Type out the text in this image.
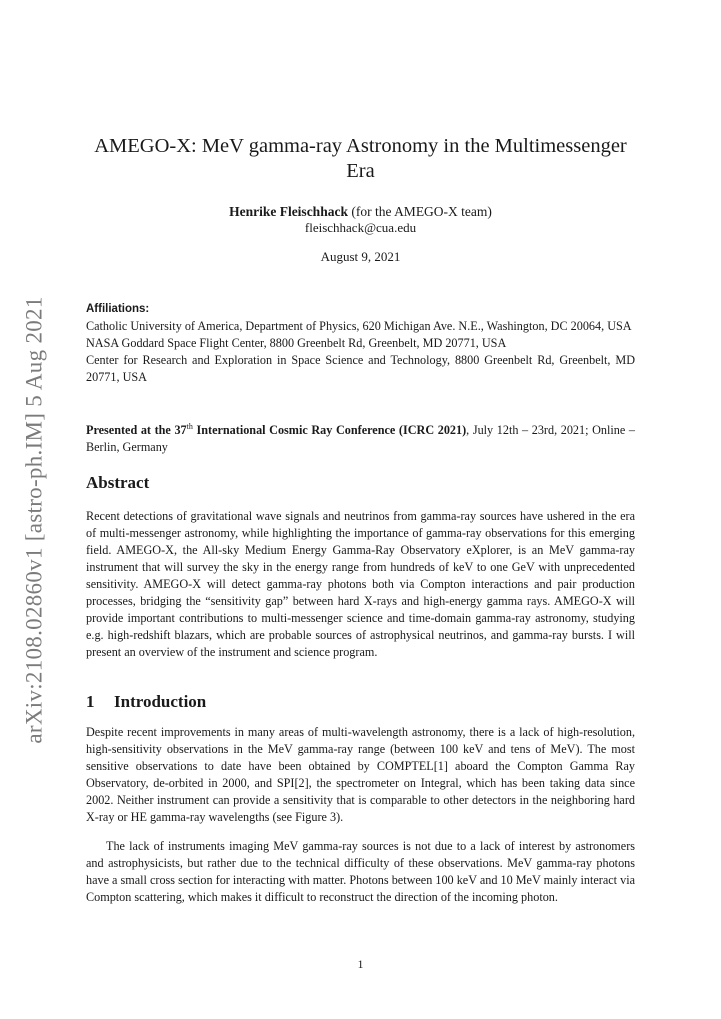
arXiv:2108.02860v1 [astro-ph.IM] 5 Aug 2021
AMEGO-X: MeV gamma-ray Astronomy in the Multimessenger Era
Henrike Fleischhack (for the AMEGO-X team)
fleischhack@cua.edu
August 9, 2021
Affiliations:
Catholic University of America, Department of Physics, 620 Michigan Ave. N.E., Washington, DC 20064, USA
NASA Goddard Space Flight Center, 8800 Greenbelt Rd, Greenbelt, MD 20771, USA
Center for Research and Exploration in Space Science and Technology, 8800 Greenbelt Rd, Greenbelt, MD 20771, USA
Presented at the 37th International Cosmic Ray Conference (ICRC 2021), July 12th – 23rd, 2021; Online – Berlin, Germany
Abstract
Recent detections of gravitational wave signals and neutrinos from gamma-ray sources have ushered in the era of multi-messenger astronomy, while highlighting the importance of gamma-ray observations for this emerging field. AMEGO-X, the All-sky Medium Energy Gamma-Ray Observatory eXplorer, is an MeV gamma-ray instrument that will survey the sky in the energy range from hundreds of keV to one GeV with unprecedented sensitivity. AMEGO-X will detect gamma-ray photons both via Compton interactions and pair production processes, bridging the “sensitivity gap” between hard X-rays and high-energy gamma rays. AMEGO-X will provide important contributions to multi-messenger science and time-domain gamma-ray astronomy, studying e.g. high-redshift blazars, which are probable sources of astrophysical neutrinos, and gamma-ray bursts. I will present an overview of the instrument and science program.
1 Introduction
Despite recent improvements in many areas of multi-wavelength astronomy, there is a lack of high-resolution, high-sensitivity observations in the MeV gamma-ray range (between 100 keV and tens of MeV). The most sensitive observations to date have been obtained by COMPTEL[1] aboard the Compton Gamma Ray Observatory, de-orbited in 2000, and SPI[2], the spectrometer on Integral, which has been taking data since 2002. Neither instrument can provide a sensitivity that is comparable to other detectors in the neighboring hard X-ray or HE gamma-ray wavelengths (see Figure 3).
The lack of instruments imaging MeV gamma-ray sources is not due to a lack of interest by astronomers and astrophysicists, but rather due to the technical difficulty of these observations. MeV gamma-ray photons have a small cross section for interacting with matter. Photons between 100 keV and 10 MeV mainly interact via Compton scattering, which makes it difficult to reconstruct the direction of the incoming photon.
1
